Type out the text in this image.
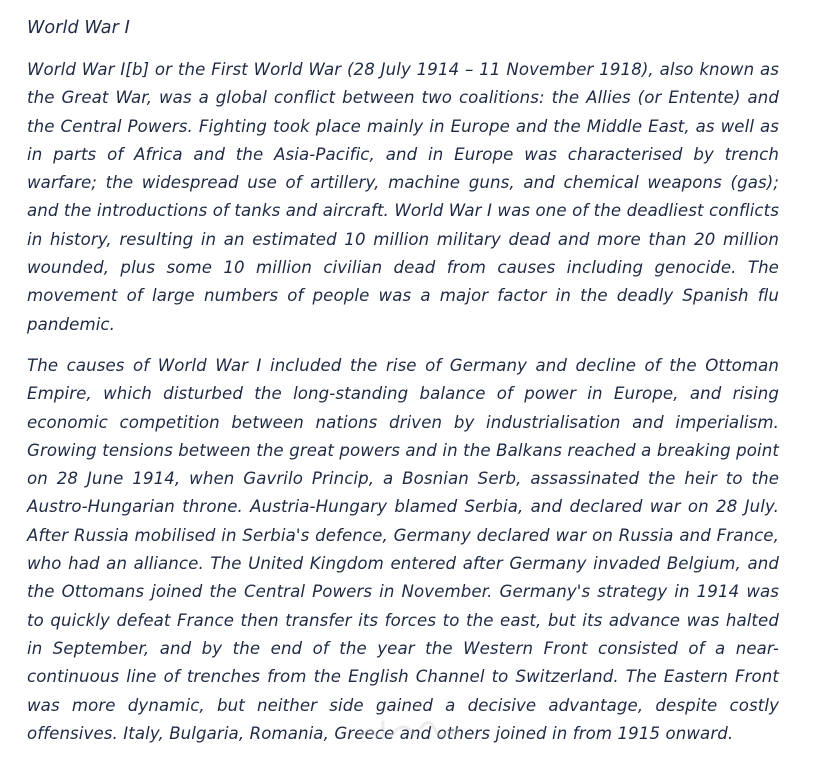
World War I

World War I[b] or the First World War (28 July 1914 – 11 November 1918), also known as the Great War, was a global conflict between two coalitions: the Allies (or Entente) and the Central Powers. Fighting took place mainly in Europe and the Middle East, as well as in parts of Africa and the Asia-Pacific, and in Europe was characterised by trench warfare; the widespread use of artillery, machine guns, and chemical weapons (gas); and the introductions of tanks and aircraft. World War I was one of the deadliest conflicts in history, resulting in an estimated 10 million military dead and more than 20 million wounded, plus some 10 million civilian dead from causes including genocide. The movement of large numbers of people was a major factor in the deadly Spanish flu pandemic.

The causes of World War I included the rise of Germany and decline of the Ottoman Empire, which disturbed the long-standing balance of power in Europe, and rising economic competition between nations driven by industrialisation and imperialism. Growing tensions between the great powers and in the Balkans reached a breaking point on 28 June 1914, when Gavrilo Princip, a Bosnian Serb, assassinated the heir to the Austro-Hungarian throne. Austria-Hungary blamed Serbia, and declared war on 28 July. After Russia mobilised in Serbia's defence, Germany declared war on Russia and France, who had an alliance. The United Kingdom entered after Germany invaded Belgium, and the Ottomans joined the Central Powers in November. Germany's strategy in 1914 was to quickly defeat France then transfer its forces to the east, but its advance was halted in September, and by the end of the year the Western Front consisted of a near-continuous line of trenches from the English Channel to Switzerland. The Eastern Front was more dynamic, but neither side gained a decisive advantage, despite costly offensives. Italy, Bulgaria, Romania, Greece and others joined in from 1915 onward.
